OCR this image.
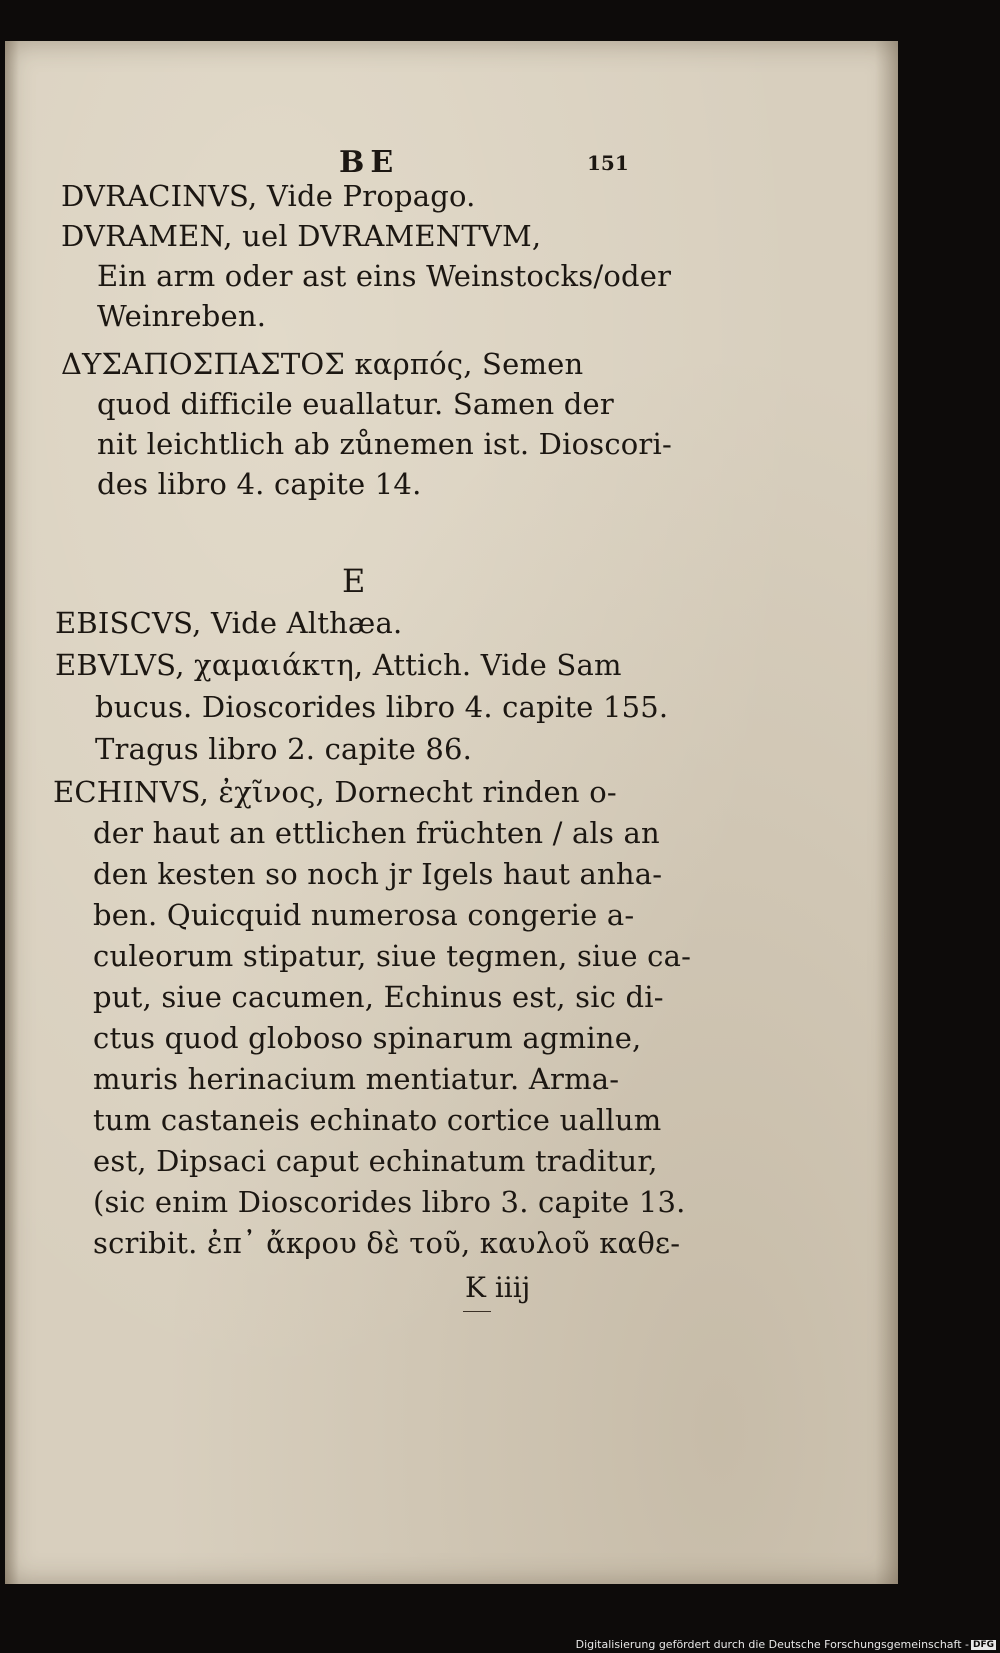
BE	151
DVRACINVS, Vide Propago.
DVRAMEN, uel DVRAMENTVM,
Ein arm oder ast eins Weinstocks/oder
Weinreben.
ΔΥΣΑΠΟΣΠΑΣΤΟΣ καρπός, Semen
quod difficile euallatur. Samen der
nit leichtlich ab zůnemen ist. Dioscori-
des libro 4. capite 14.
E
EBISCVS, Vide Althæa.
EBVLVS, χαμαιάκτη, Attich. Vide Sam
bucus. Dioscorides libro 4. capite 155.
Tragus libro 2. capite 86.
ECHINVS, ἐχῖνος, Dornecht rinden o-
der haut an ettlichen früchten / als an
den kesten so noch jr Igels haut anha-
ben. Quicquid numerosa congerie a-
culeorum stipatur, siue tegmen, siue ca-
put, siue cacumen, Echinus est, sic di-
ctus quod globoso spinarum agmine,
muris herinacium mentiatur. Arma-
tum castaneis echinato cortice uallum
est, Dipsaci caput echinatum traditur,
(sic enim Dioscorides libro 3. capite 13.
scribit. ἐπ᾽ ἄκρου δὲ τοῦ, καυλοῦ καθε-
K iiij
Digitalisierung gefördert durch die Deutsche Forschungsgemeinschaft - DFG
